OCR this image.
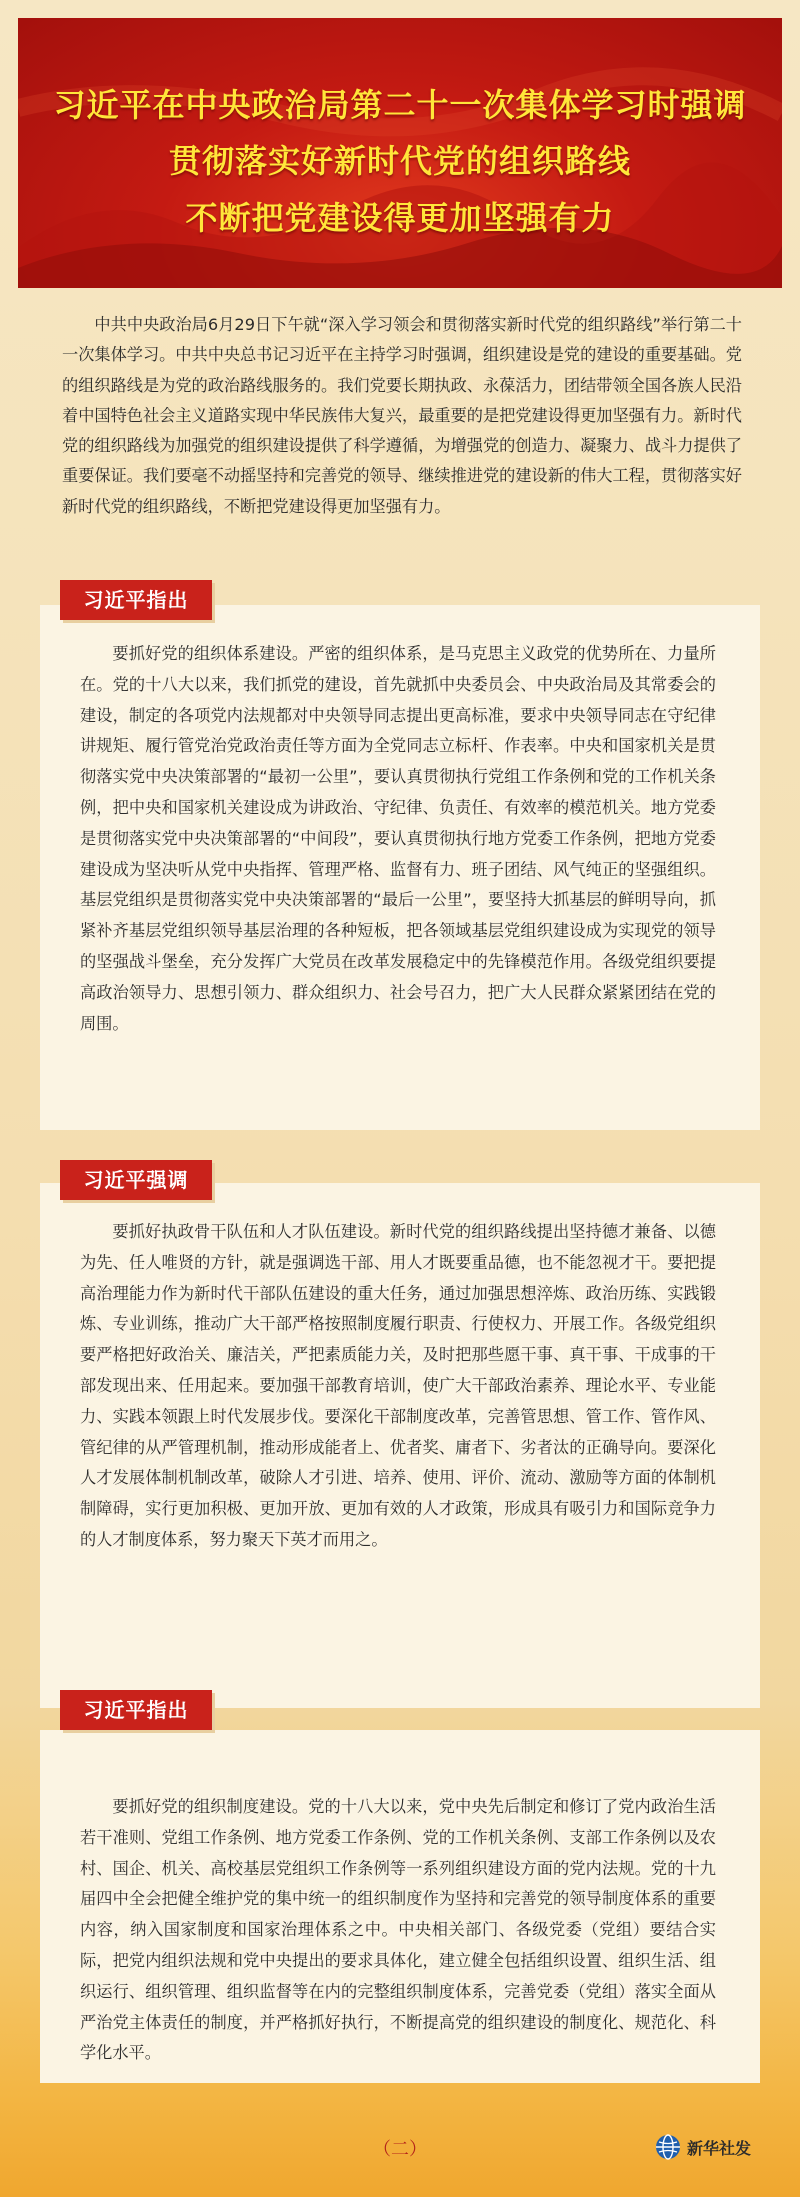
习近平在中央政治局第二十一次集体学习时强调
贯彻落实好新时代党的组织路线
不断把党建设得更加坚强有力
中共中央政治局6月29日下午就“深入学习领会和贯彻落实新时代党的组织路线”举行第二十一次集体学习。中共中央总书记习近平在主持学习时强调，组织建设是党的建设的重要基础。党的组织路线是为党的政治路线服务的。我们党要长期执政、永葆活力，团结带领全国各族人民沿着中国特色社会主义道路实现中华民族伟大复兴，最重要的是把党建设得更加坚强有力。新时代党的组织路线为加强党的组织建设提供了科学遵循，为增强党的创造力、凝聚力、战斗力提供了重要保证。我们要毫不动摇坚持和完善党的领导、继续推进党的建设新的伟大工程，贯彻落实好新时代党的组织路线，不断把党建设得更加坚强有力。
要抓好党的组织体系建设。严密的组织体系，是马克思主义政党的优势所在、力量所在。党的十八大以来，我们抓党的建设，首先就抓中央委员会、中央政治局及其常委会的建设，制定的各项党内法规都对中央领导同志提出更高标准，要求中央领导同志在守纪律讲规矩、履行管党治党政治责任等方面为全党同志立标杆、作表率。中央和国家机关是贯彻落实党中央决策部署的“最初一公里”，要认真贯彻执行党组工作条例和党的工作机关条例，把中央和国家机关建设成为讲政治、守纪律、负责任、有效率的模范机关。地方党委是贯彻落实党中央决策部署的“中间段”，要认真贯彻执行地方党委工作条例，把地方党委建设成为坚决听从党中央指挥、管理严格、监督有力、班子团结、风气纯正的坚强组织。基层党组织是贯彻落实党中央决策部署的“最后一公里”，要坚持大抓基层的鲜明导向，抓紧补齐基层党组织领导基层治理的各种短板，把各领域基层党组织建设成为实现党的领导的坚强战斗堡垒，充分发挥广大党员在改革发展稳定中的先锋模范作用。各级党组织要提高政治领导力、思想引领力、群众组织力、社会号召力，把广大人民群众紧紧团结在党的周围。
习近平指出
要抓好执政骨干队伍和人才队伍建设。新时代党的组织路线提出坚持德才兼备、以德为先、任人唯贤的方针，就是强调选干部、用人才既要重品德，也不能忽视才干。要把提高治理能力作为新时代干部队伍建设的重大任务，通过加强思想淬炼、政治历练、实践锻炼、专业训练，推动广大干部严格按照制度履行职责、行使权力、开展工作。各级党组织要严格把好政治关、廉洁关，严把素质能力关，及时把那些愿干事、真干事、干成事的干部发现出来、任用起来。要加强干部教育培训，使广大干部政治素养、理论水平、专业能力、实践本领跟上时代发展步伐。要深化干部制度改革，完善管思想、管工作、管作风、管纪律的从严管理机制，推动形成能者上、优者奖、庸者下、劣者汰的正确导向。要深化人才发展体制机制改革，破除人才引进、培养、使用、评价、流动、激励等方面的体制机制障碍，实行更加积极、更加开放、更加有效的人才政策，形成具有吸引力和国际竞争力的人才制度体系，努力聚天下英才而用之。
习近平强调
要抓好党的组织制度建设。党的十八大以来，党中央先后制定和修订了党内政治生活若干准则、党组工作条例、地方党委工作条例、党的工作机关条例、支部工作条例以及农村、国企、机关、高校基层党组织工作条例等一系列组织建设方面的党内法规。党的十九届四中全会把健全维护党的集中统一的组织制度作为坚持和完善党的领导制度体系的重要内容，纳入国家制度和国家治理体系之中。中央相关部门、各级党委（党组）要结合实际，把党内组织法规和党中央提出的要求具体化，建立健全包括组织设置、组织生活、组织运行、组织管理、组织监督等在内的完整组织制度体系，完善党委（党组）落实全面从严治党主体责任的制度，并严格抓好执行，不断提高党的组织建设的制度化、规范化、科学化水平。
习近平指出
（二）	新华社发
